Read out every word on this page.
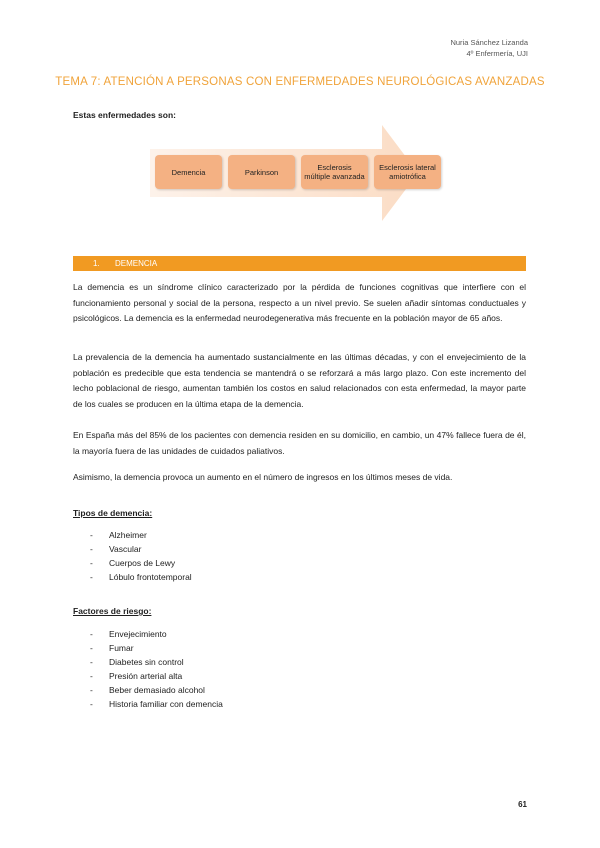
Nuria Sánchez Lizanda
4º Enfermería, UJI
TEMA 7: ATENCIÓN A PERSONAS CON ENFERMEDADES NEUROLÓGICAS AVANZADAS
Estas enfermedades son:
Demencia	Parkinson	Esclerosis múltiple avanzada
Esclerosis lateral amiotrófica
1.	DEMENCIA

La demencia es un síndrome clínico caracterizado por la pérdida de funciones cognitivas que interfiere con el funcionamiento personal y social de la persona, respecto a un nivel previo. Se suelen añadir síntomas conductuales y psicológicos. La demencia es la enfermedad neurodegenerativa más frecuente en la población mayor de 65 años.

La prevalencia de la demencia ha aumentado sustancialmente en las últimas décadas, y con el envejecimiento de la población es predecible que esta tendencia se mantendrá o se reforzará a más largo plazo. Con este incremento del lecho poblacional de riesgo, aumentan también los costos en salud relacionados con esta enfermedad, la mayor parte de los cuales se producen en la última etapa de la demencia.

En España más del 85% de los pacientes con demencia residen en su domicilio, en cambio, un 47% fallece fuera de él, la mayoría fuera de las unidades de cuidados paliativos.

Asimismo, la demencia provoca un aumento en el número de ingresos en los últimos meses de vida.

Tipos de demencia:
- Alzheimer
- Vascular
- Cuerpos de Lewy
- Lóbulo frontotemporal
Factores de riesgo:
- Envejecimiento
- Fumar
- Diabetes sin control
- Presión arterial alta
- Beber demasiado alcohol
- Historia familiar con demencia
61
